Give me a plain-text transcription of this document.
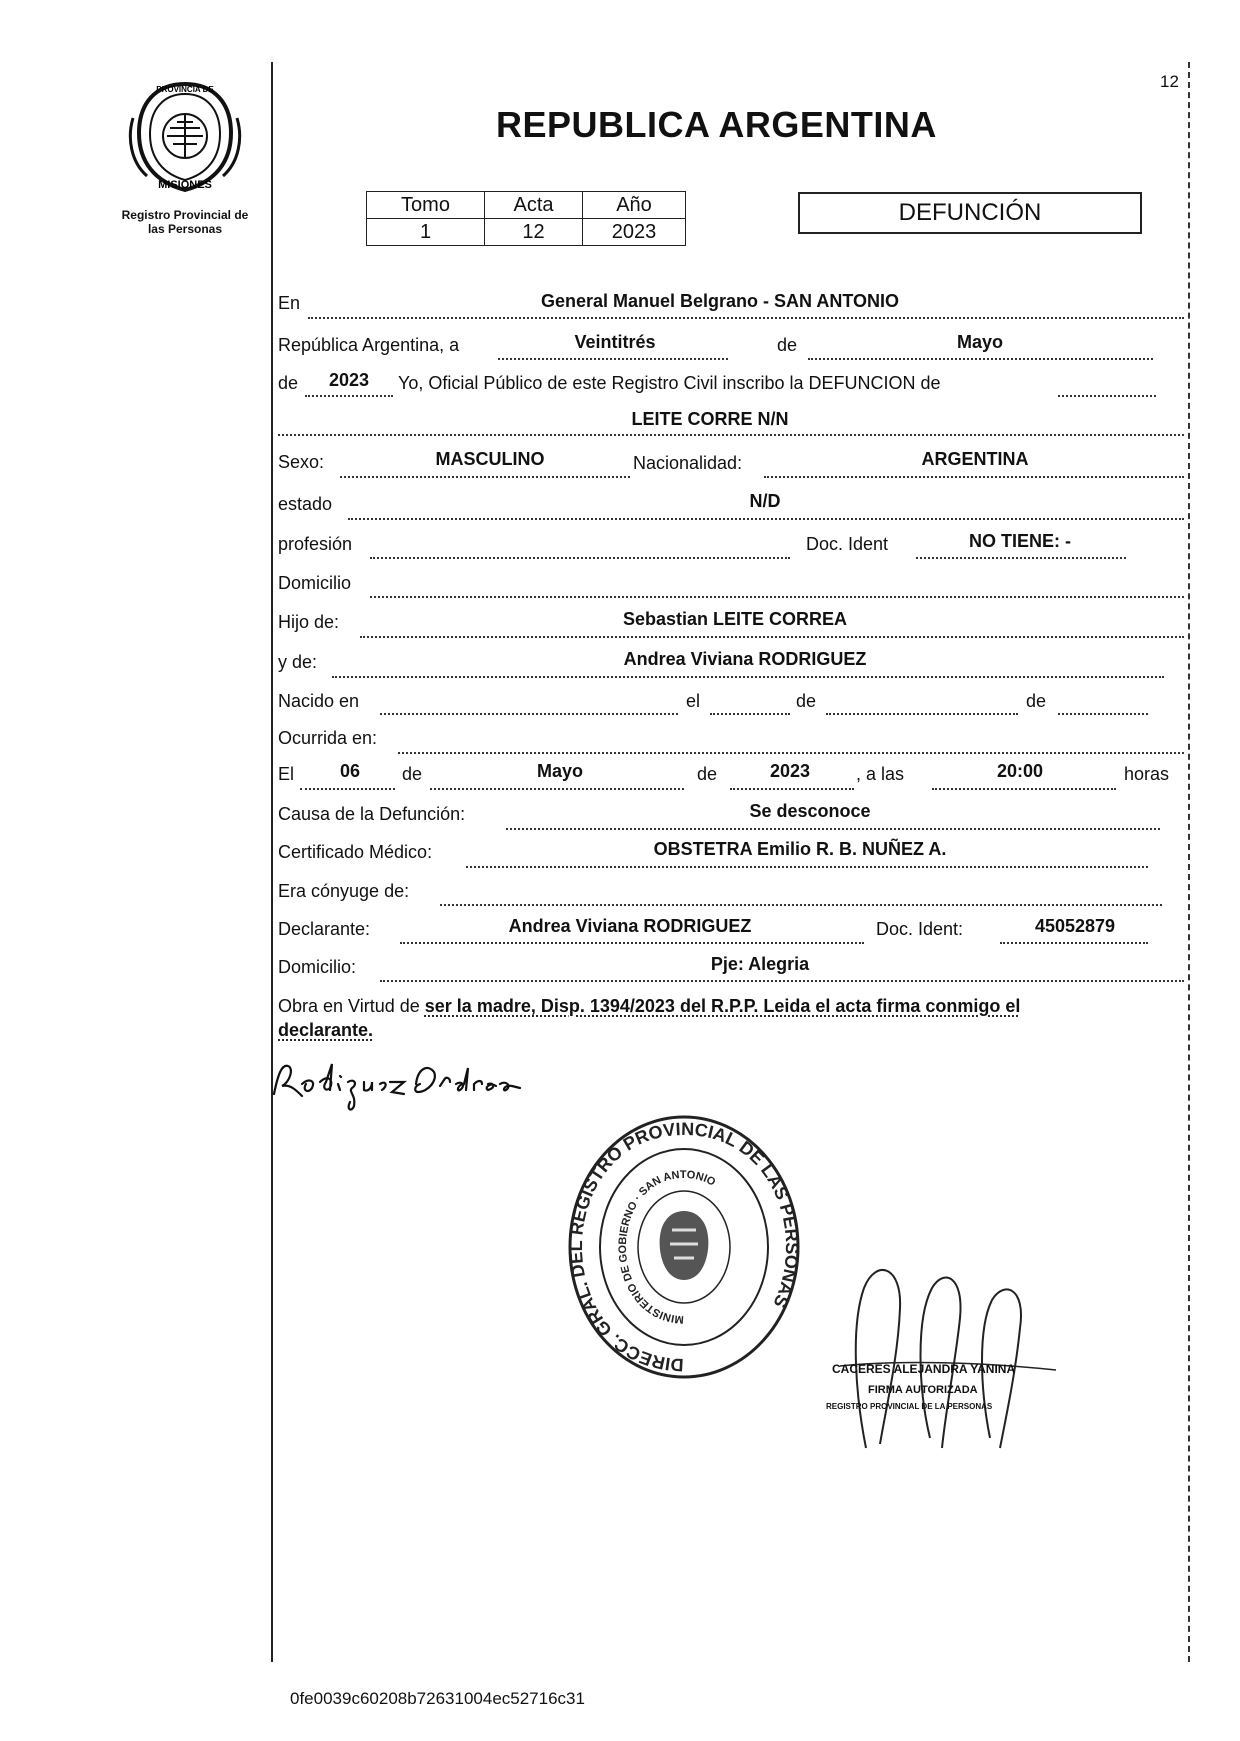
PROVINCIA DE
MISIONES
Registro Provincial de
las Personas
12
REPUBLICA ARGENTINA
Tomo	Acta	Año
1	12	2023
DEFUNCIÓN
En	General Manuel Belgrano - SAN ANTONIO
República Argentina, a	Veintitrés	de	Mayo
de	2023	Yo, Oficial Público de este Registro Civil inscribo la DEFUNCION de
LEITE CORRE N/N
Sexo:	MASCULINO	Nacionalidad:	ARGENTINA
estado	N/D
profesión	Doc. Ident	NO TIENE: -
Domicilio
Hijo de:	Sebastian LEITE CORREA
y de:	Andrea Viviana RODRIGUEZ
Nacido en	el	de	de
Ocurrida en:
El	06	de	Mayo	de	2023	, a las	20:00	horas
Causa de la Defunción:	Se desconoce
Certificado Médico:	OBSTETRA Emilio R. B. NUÑEZ A.
Era cónyuge de:
Declarante:	Andrea Viviana RODRIGUEZ	Doc. Ident:	45052879
Domicilio:	Pje: Alegria
Obra en Virtud de ser la madre, Disp. 1394/2023 del R.P.P. Leida el acta firma conmigo el
declarante.
DIRECC. GRAL. DEL REGISTRO PROVINCIAL DE LAS PERSONAS
MINISTERIO DE GOBIERNO · SAN ANTONIO
CACERES ALEJANDRA YANINA
FIRMA AUTORIZADA
REGISTRO PROVINCIAL DE LA PERSONAS
0fe0039c60208b72631004ec52716c31
